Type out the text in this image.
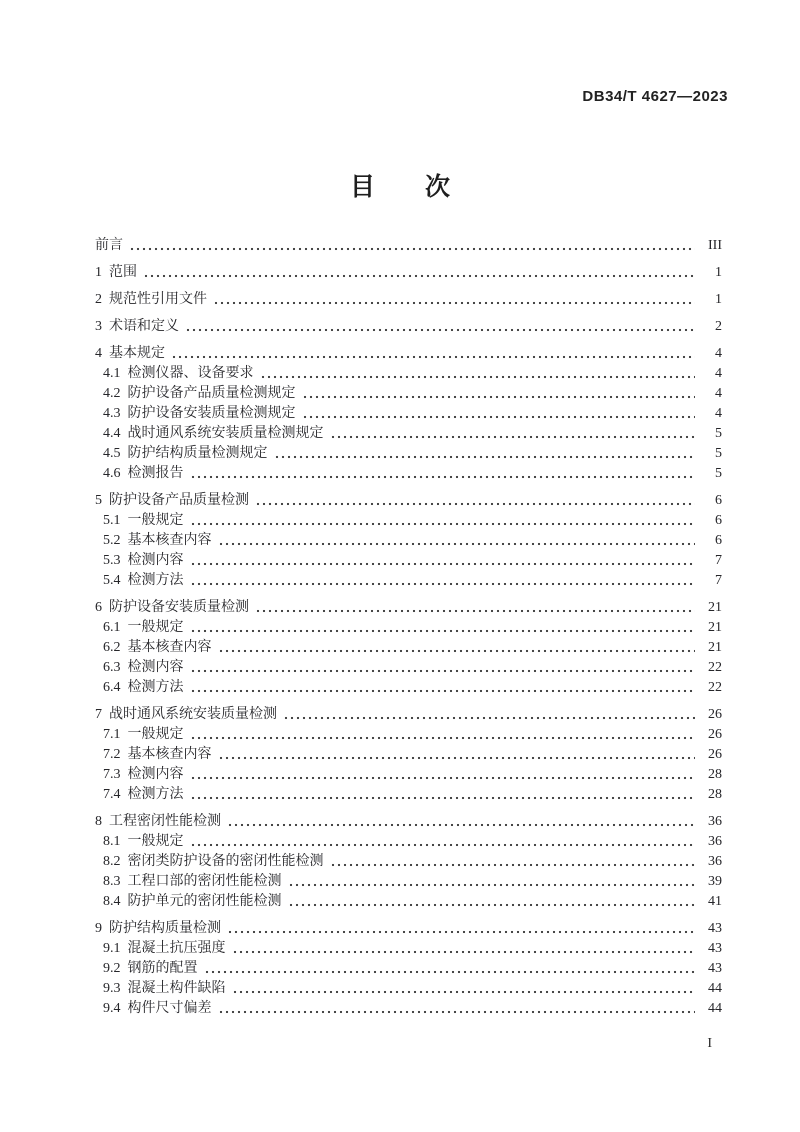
DB34/T 4627—2023
目　　次
前言	III
1 范围	1
2 规范性引用文件	1
3 术语和定义	2
4 基本规定	4
4.1 检测仪器、设备要求	4
4.2 防护设备产品质量检测规定	4
4.3 防护设备安装质量检测规定	4
4.4 战时通风系统安装质量检测规定	5
4.5 防护结构质量检测规定	5
4.6 检测报告	5
5 防护设备产品质量检测	6
5.1 一般规定	6
5.2 基本核查内容	6
5.3 检测内容	7
5.4 检测方法	7
6 防护设备安装质量检测	21
6.1 一般规定	21
6.2 基本核查内容	21
6.3 检测内容	22
6.4 检测方法	22
7 战时通风系统安装质量检测	26
7.1 一般规定	26
7.2 基本核查内容	26
7.3 检测内容	28
7.4 检测方法	28
8 工程密闭性能检测	36
8.1 一般规定	36
8.2 密闭类防护设备的密闭性能检测	36
8.3 工程口部的密闭性能检测	39
8.4 防护单元的密闭性能检测	41
9 防护结构质量检测	43
9.1 混凝土抗压强度	43
9.2 钢筋的配置	43
9.3 混凝土构件缺陷	44
9.4 构件尺寸偏差	44
I
